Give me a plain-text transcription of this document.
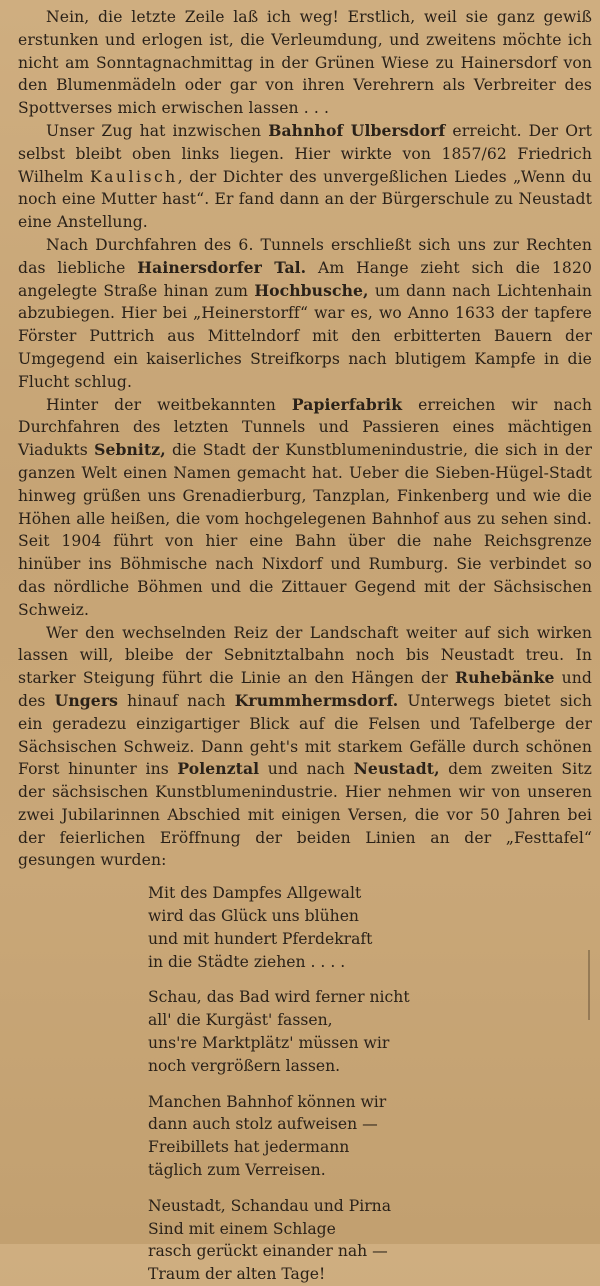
Nein, die letzte Zeile laß ich weg! Erstlich, weil sie ganz gewiß erstunken und erlogen ist, die Verleumdung, und zweitens möchte ich nicht am Sonntagnachmittag in der Grünen Wiese zu Hainersdorf von den Blumenmädeln oder gar von ihren Verehrern als Verbreiter des Spottverses mich erwischen lassen . . .

Unser Zug hat inzwischen Bahnhof Ulbersdorf erreicht. Der Ort selbst bleibt oben links liegen. Hier wirkte von 1857/62 Friedrich Wilhelm Kaulisch, der Dichter des unvergeßlichen Liedes „Wenn du noch eine Mutter hast“. Er fand dann an der Bürgerschule zu Neustadt eine Anstellung.

Nach Durchfahren des 6. Tunnels erschließt sich uns zur Rechten das liebliche Hainersdorfer Tal. Am Hange zieht sich die 1820 angelegte Straße hinan zum Hochbusche, um dann nach Lichtenhain abzubiegen. Hier bei „Heinerstorff“ war es, wo Anno 1633 der tapfere Förster Puttrich aus Mittelndorf mit den erbitterten Bauern der Umgegend ein kaiserliches Streifkorps nach blutigem Kampfe in die Flucht schlug.

Hinter der weitbekannten Papierfabrik erreichen wir nach Durchfahren des letzten Tunnels und Passieren eines mächtigen Viadukts Sebnitz, die Stadt der Kunstblumenindustrie, die sich in der ganzen Welt einen Namen gemacht hat. Ueber die Sieben-Hügel-Stadt hinweg grüßen uns Grenadierburg, Tanzplan, Finkenberg und wie die Höhen alle heißen, die vom hochgelegenen Bahnhof aus zu sehen sind. Seit 1904 führt von hier eine Bahn über die nahe Reichsgrenze hinüber ins Böhmische nach Nixdorf und Rumburg. Sie verbindet so das nördliche Böhmen und die Zittauer Gegend mit der Sächsischen Schweiz.

Wer den wechselnden Reiz der Landschaft weiter auf sich wirken lassen will, bleibe der Sebnitztalbahn noch bis Neustadt treu. In starker Steigung führt die Linie an den Hängen der Ruhebänke und des Ungers hinauf nach Krummhermsdorf. Unterwegs bietet sich ein geradezu einzigartiger Blick auf die Felsen und Tafelberge der Sächsischen Schweiz. Dann geht's mit starkem Gefälle durch schönen Forst hinunter ins Polenztal und nach Neustadt, dem zweiten Sitz der sächsischen Kunstblumenindustrie. Hier nehmen wir von unseren zwei Jubilarinnen Abschied mit einigen Versen, die vor 50 Jahren bei der feierlichen Eröffnung der beiden Linien an der „Festtafel“ gesungen wurden:

Mit des Dampfes Allgewalt
wird das Glück uns blühen
und mit hundert Pferdekraft
in die Städte ziehen . . . .
Schau, das Bad wird ferner nicht
all' die Kurgäst' fassen,
uns're Marktplätz' müssen wir
noch vergrößern lassen.
Manchen Bahnhof können wir
dann auch stolz aufweisen —
Freibillets hat jedermann
täglich zum Verreisen.
Neustadt, Schandau und Pirna
Sind mit einem Schlage
rasch gerückt einander nah —
Traum der alten Tage!
